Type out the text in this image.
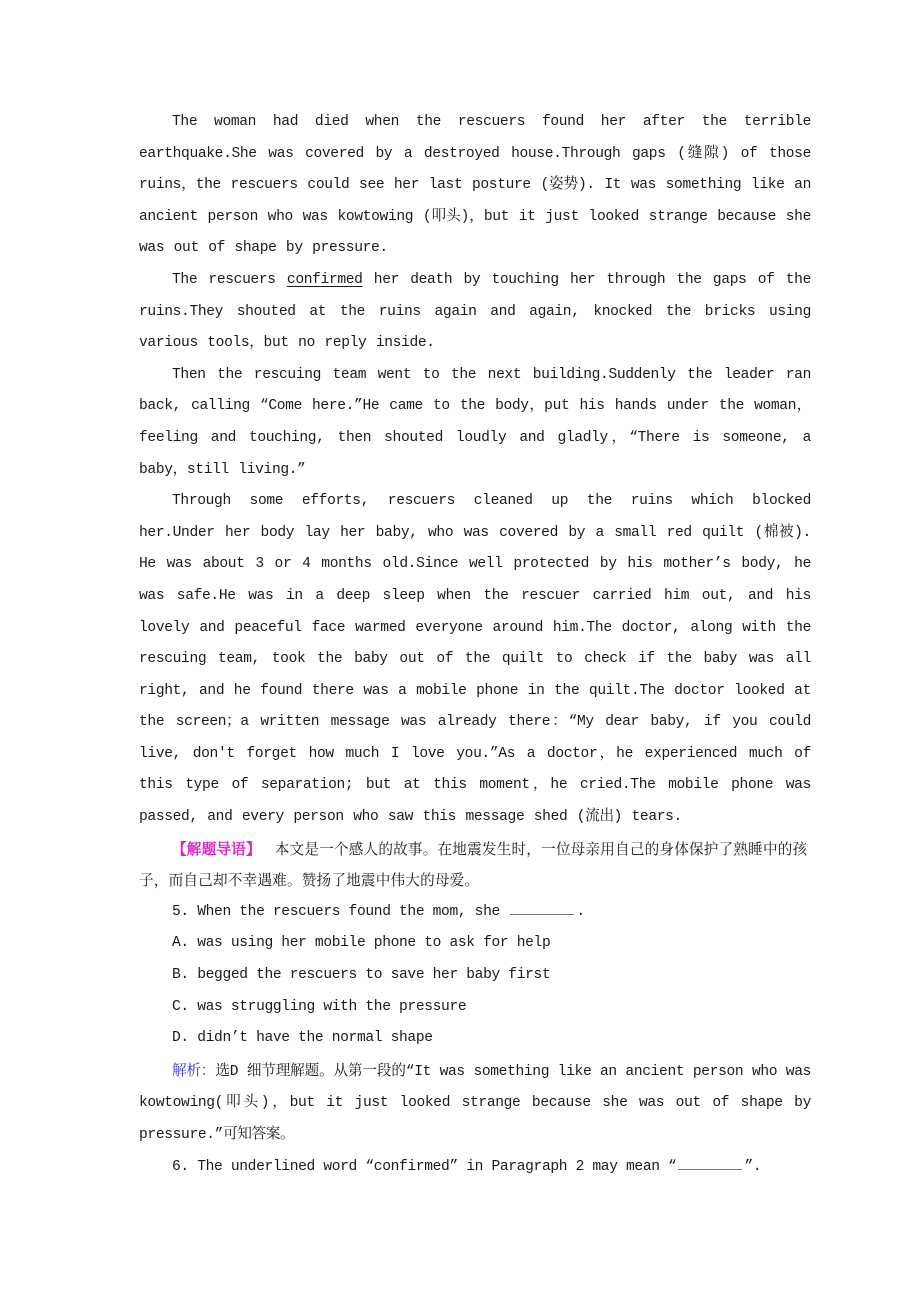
The woman had died when the rescuers found her after the terrible earthquake.She was covered by a destroyed house.Through gaps (缝隙) of those ruins，the rescuers could see her last posture (姿势). It was something like an ancient person who was kowtowing (叩头)，but it just looked strange because she was out of shape by pressure.

The rescuers confirmed her death by touching her through the gaps of the ruins.They shouted at the ruins again and again, knocked the bricks using various tools，but no reply inside.

Then the rescuing team went to the next building.Suddenly the leader ran back, calling “Come here.”He came to the body，put his hands under the woman，feeling and touching, then shouted loudly and gladly，“There is someone, a baby，still living.”

Through some efforts, rescuers cleaned up the ruins which blocked her.Under her body lay her baby, who was covered by a small red quilt (棉被). He was about 3 or 4 months old.Since well protected by his mother’s body, he was safe.He was in a deep sleep when the rescuer carried him out, and his lovely and peaceful face warmed everyone around him.The doctor, along with the rescuing team, took the baby out of the quilt to check if the baby was all right, and he found there was a mobile phone in the quilt.The doctor looked at the screen；a written message was already there：“My dear baby, if you could live, don't forget how much I love you.”As a doctor，he experienced much of this type of separation; but at this moment，he cried.The mobile phone was passed, and every person who saw this message shed (流出) tears.

【解题导语】 本文是一个感人的故事。在地震发生时，一位母亲用自己的身体保护了熟睡中的孩子，而自己却不幸遇难。赞扬了地震中伟大的母爱。

5. When the rescuers found the mom, she	.

A. was using her mobile phone to ask for help

B. begged the rescuers to save her baby first

C. was struggling with the pressure

D. didn’t have the normal shape

解析：选D 细节理解题。从第一段的“It was something like an ancient person who was kowtowing(叩头)，but it just looked strange because she was out of shape by pressure.”可知答案。

6. The underlined word “confirmed” in Paragraph 2 may mean “	”.
